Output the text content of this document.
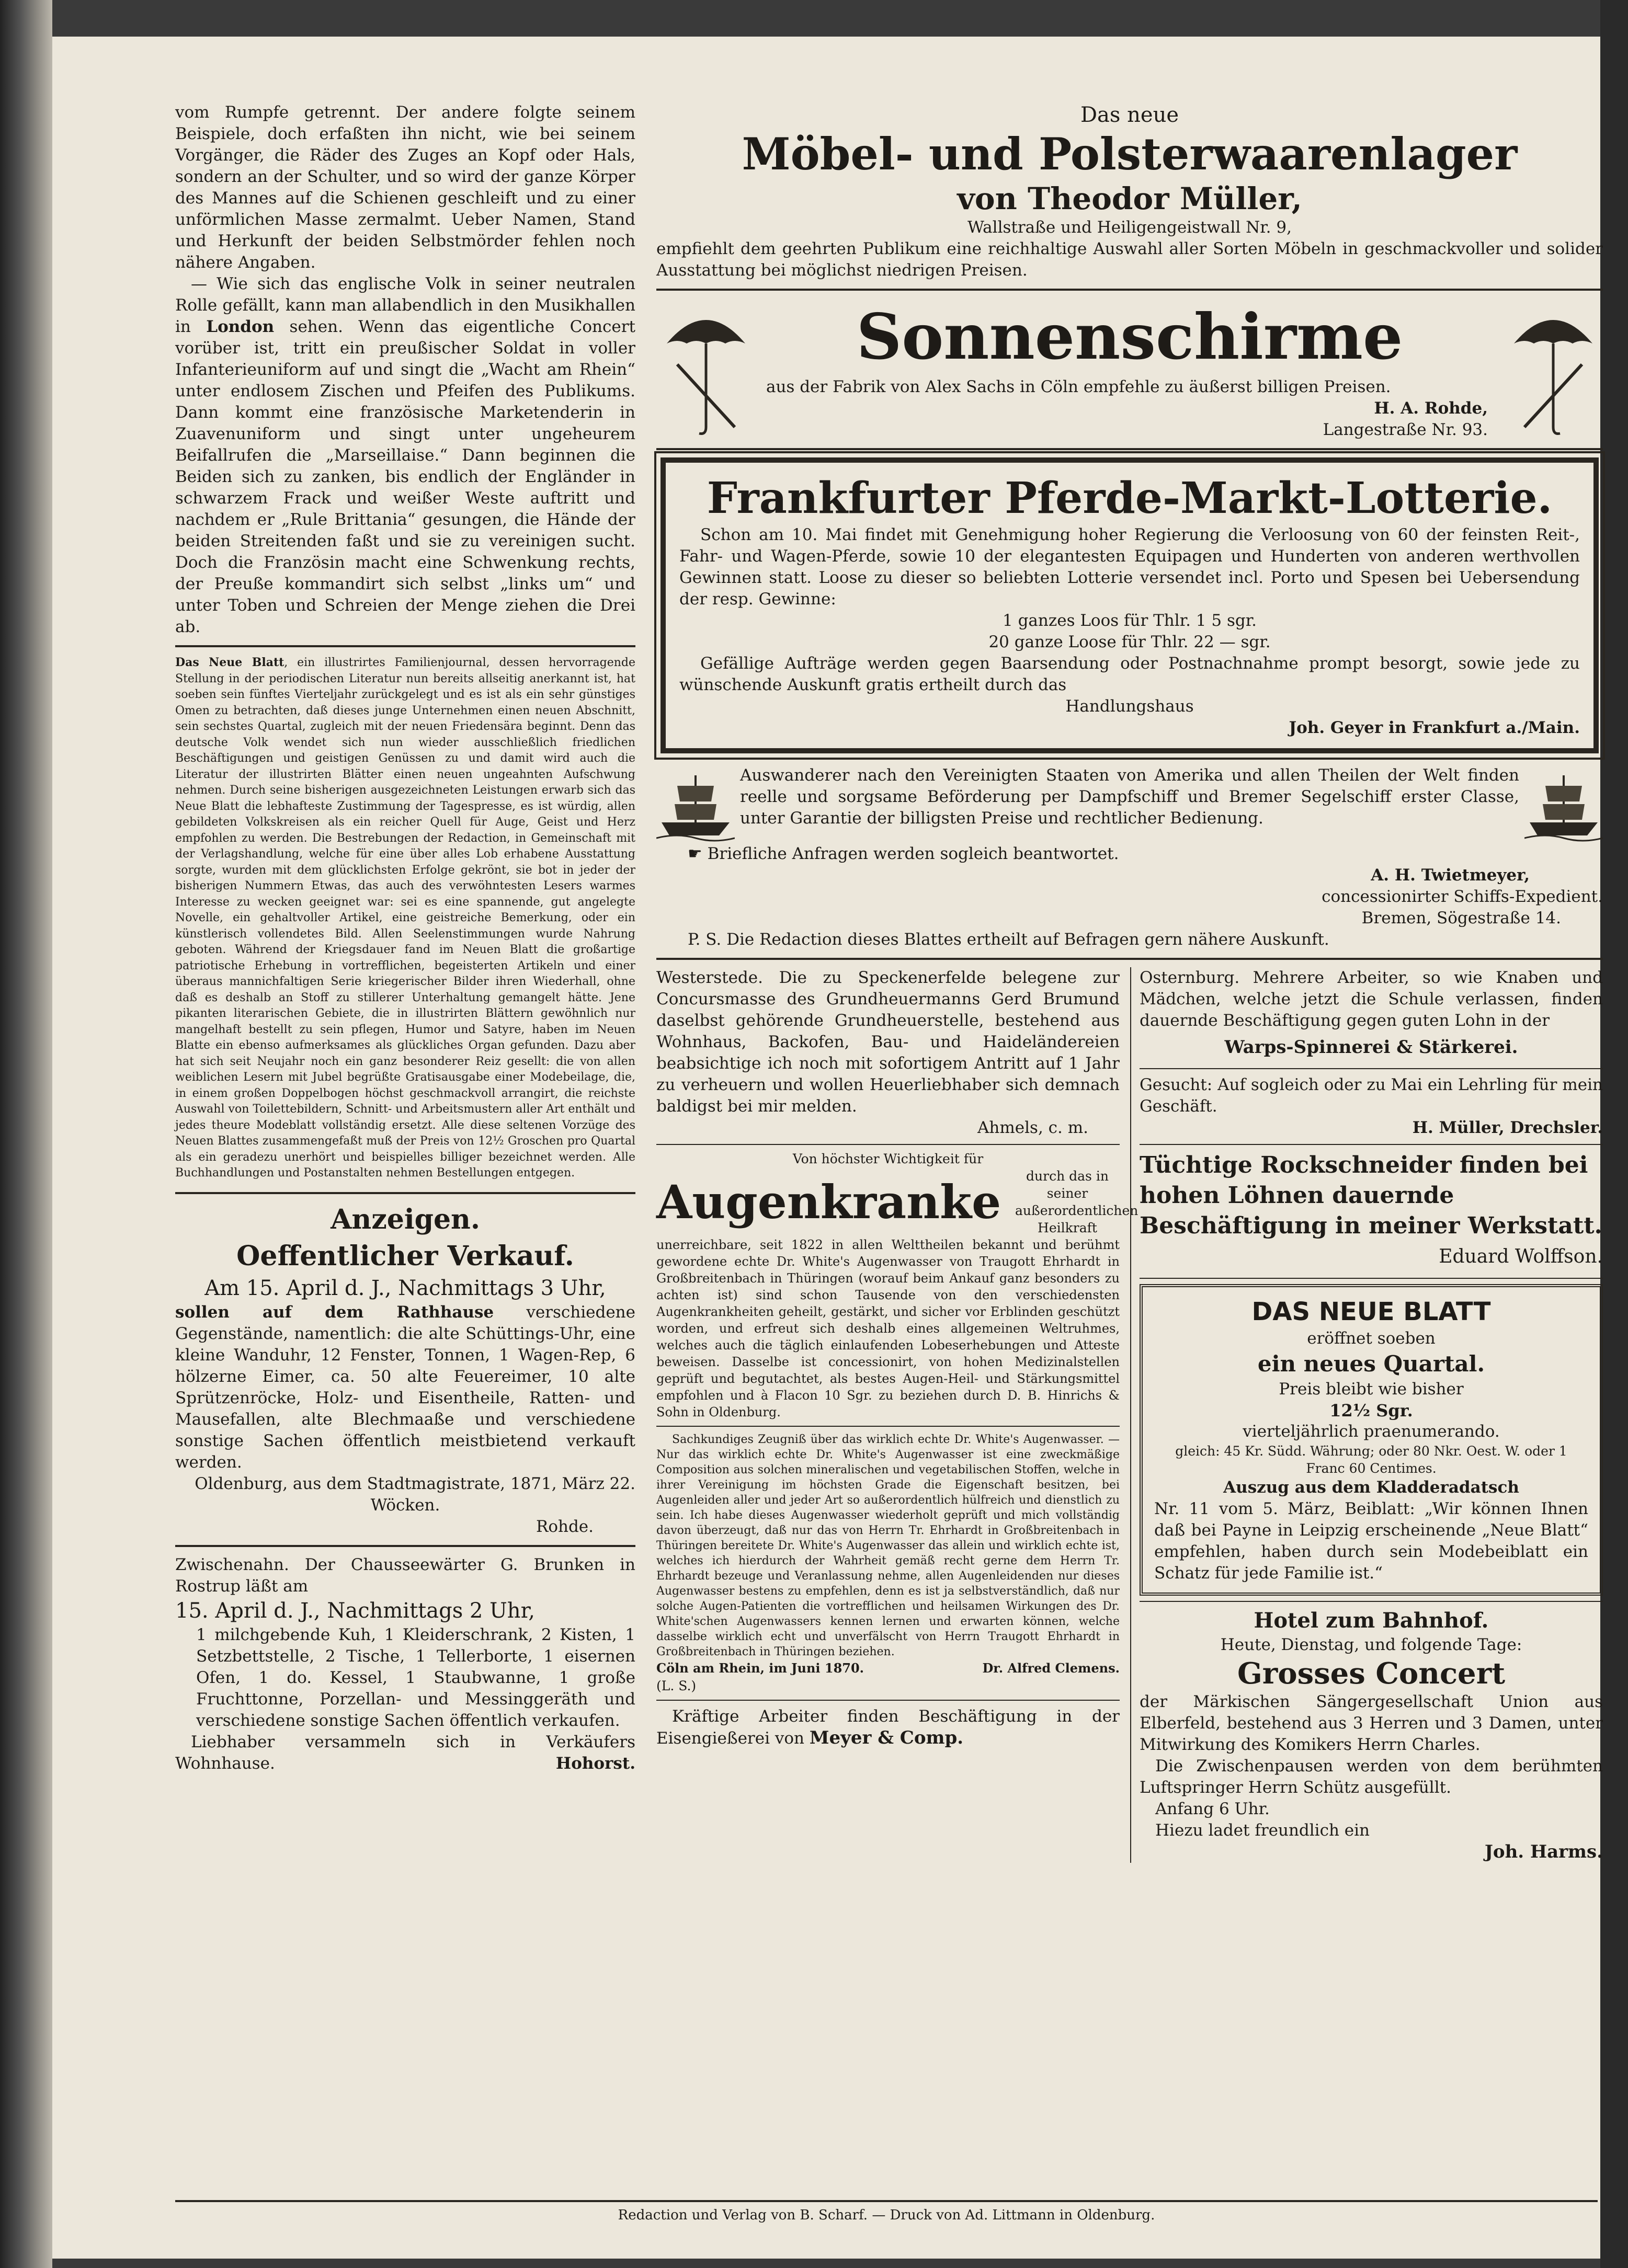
vom Rumpfe getrennt. Der andere folgte seinem Beispiele, doch erfaßten ihn nicht, wie bei seinem Vorgänger, die Räder des Zuges an Kopf oder Hals, sondern an der Schulter, und so wird der ganze Körper des Mannes auf die Schienen geschleift und zu einer unförmlichen Masse zermalmt. Ueber Namen, Stand und Herkunft der beiden Selbstmörder fehlen noch nähere Angaben.

— Wie sich das englische Volk in seiner neutralen Rolle gefällt, kann man allabendlich in den Musikhallen in London sehen. Wenn das eigentliche Concert vorüber ist, tritt ein preußischer Soldat in voller Infanterieuniform auf und singt die „Wacht am Rhein“ unter endlosem Zischen und Pfeifen des Publikums. Dann kommt eine französische Marketenderin in Zuavenuniform und singt unter ungeheurem Beifallrufen die „Marseillaise.“ Dann beginnen die Beiden sich zu zanken, bis endlich der Engländer in schwarzem Frack und weißer Weste auftritt und nachdem er „Rule Brittania“ gesungen, die Hände der beiden Streitenden faßt und sie zu vereinigen sucht. Doch die Französin macht eine Schwenkung rechts, der Preuße kommandirt sich selbst „links um“ und unter Toben und Schreien der Menge ziehen die Drei ab.

Das Neue Blatt, ein illustrirtes Familienjournal, dessen hervorragende Stellung in der periodischen Literatur nun bereits allseitig anerkannt ist, hat soeben sein fünftes Vierteljahr zurückgelegt und es ist als ein sehr günstiges Omen zu betrachten, daß dieses junge Unternehmen einen neuen Abschnitt, sein sechstes Quartal, zugleich mit der neuen Friedensära beginnt. Denn das deutsche Volk wendet sich nun wieder ausschließlich friedlichen Beschäftigungen und geistigen Genüssen zu und damit wird auch die Literatur der illustrirten Blätter einen neuen ungeahnten Aufschwung nehmen. Durch seine bisherigen ausgezeichneten Leistungen erwarb sich das Neue Blatt die lebhafteste Zustimmung der Tagespresse, es ist würdig, allen gebildeten Volkskreisen als ein reicher Quell für Auge, Geist und Herz empfohlen zu werden. Die Bestrebungen der Redaction, in Gemeinschaft mit der Verlagshandlung, welche für eine über alles Lob erhabene Ausstattung sorgte, wurden mit dem glücklichsten Erfolge gekrönt, sie bot in jeder der bisherigen Nummern Etwas, das auch des verwöhntesten Lesers warmes Interesse zu wecken geeignet war: sei es eine spannende, gut angelegte Novelle, ein gehaltvoller Artikel, eine geistreiche Bemerkung, oder ein künstlerisch vollendetes Bild. Allen Seelenstimmungen wurde Nahrung geboten. Während der Kriegsdauer fand im Neuen Blatt die großartige patriotische Erhebung in vortrefflichen, begeisterten Artikeln und einer überaus mannichfaltigen Serie kriegerischer Bilder ihren Wiederhall, ohne daß es deshalb an Stoff zu stillerer Unterhaltung gemangelt hätte. Jene pikanten literarischen Gebiete, die in illustrirten Blättern gewöhnlich nur mangelhaft bestellt zu sein pflegen, Humor und Satyre, haben im Neuen Blatte ein ebenso aufmerksames als glückliches Organ gefunden. Dazu aber hat sich seit Neujahr noch ein ganz besonderer Reiz gesellt: die von allen weiblichen Lesern mit Jubel begrüßte Gratisausgabe einer Modebeilage, die, in einem großen Doppelbogen höchst geschmackvoll arrangirt, die reichste Auswahl von Toilettebildern, Schnitt- und Arbeitsmustern aller Art enthält und jedes theure Modeblatt vollständig ersetzt. Alle diese seltenen Vorzüge des Neuen Blattes zusammengefaßt muß der Preis von 12½ Groschen pro Quartal als ein geradezu unerhört und beispielles billiger bezeichnet werden. Alle Buchhandlungen und Postanstalten nehmen Bestellungen entgegen.

Anzeigen.
Oeffentlicher Verkauf.
Am 15. April d. J., Nachmittags 3 Uhr,

sollen auf dem Rathhause verschiedene Gegenstände, namentlich: die alte Schüttings-Uhr, eine kleine Wanduhr, 12 Fenster, Tonnen, 1 Wagen-Rep, 6 hölzerne Eimer, ca. 50 alte Feuereimer, 10 alte Sprützenröcke, Holz- und Eisentheile, Ratten- und Mausefallen, alte Blechmaaße und verschiedene sonstige Sachen öffentlich meistbietend verkauft werden.

Oldenburg, aus dem Stadtmagistrate, 1871, März 22.
Wöcken.
Rohde.

Zwischenahn. Der Chausseewärter G. Brunken in Rostrup läßt am

15. April d. J., Nachmittags 2 Uhr,

1 milchgebende Kuh, 1 Kleiderschrank, 2 Kisten, 1 Setzbettstelle, 2 Tische, 1 Tellerborte, 1 eisernen Ofen, 1 do. Kessel, 1 Staubwanne, 1 große Fruchttonne, Porzellan- und Messinggeräth und verschiedene sonstige Sachen öffentlich verkaufen.

Liebhaber versammeln sich in Verkäufers Wohnhause.	Hohorst.
Das neue
Möbel- und Polsterwaarenlager
von Theodor Müller,
Wallstraße und Heiligengeistwall Nr. 9,

empfiehlt dem geehrten Publikum eine reichhaltige Auswahl aller Sorten Möbeln in geschmackvoller und solider Ausstattung bei möglichst niedrigen Preisen.

Sonnenschirme

aus der Fabrik von Alex Sachs in Cöln empfehle zu äußerst billigen Preisen.

H. A. Rohde,
Langestraße Nr. 93.
Frankfurter Pferde-Markt-Lotterie.

Schon am 10. Mai findet mit Genehmigung hoher Regierung die Verloosung von 60 der feinsten Reit-, Fahr- und Wagen-Pferde, sowie 10 der elegantesten Equipagen und Hunderten von anderen werthvollen Gewinnen statt. Loose zu dieser so beliebten Lotterie versendet incl. Porto und Spesen bei Uebersendung der resp. Gewinne:

1 ganzes Loos für Thlr. 1 5 sgr.
20 ganze Loose für Thlr. 22 — sgr.

Gefällige Aufträge werden gegen Baarsendung oder Postnachnahme prompt besorgt, sowie jede zu wünschende Auskunft gratis ertheilt durch das

Handlungshaus
Joh. Geyer in Frankfurt a./Main.

Auswanderer nach den Vereinigten Staaten von Amerika und allen Theilen der Welt finden reelle und sorgsame Beförderung per Dampfschiff und Bremer Segelschiff erster Classe, unter Garantie der billigsten Preise und rechtlicher Bedienung.

☛ Briefliche Anfragen werden sogleich beantwortet.
A. H. Twietmeyer,
concessionirter Schiffs-Expedient.
Bremen, Sögestraße 14.
P. S. Die Redaction dieses Blattes ertheilt auf Befragen gern nähere Auskunft.

Westerstede. Die zu Speckenerfelde belegene zur Concursmasse des Grundheuermanns Gerd Brumund daselbst gehörende Grundheuerstelle, bestehend aus Wohnhaus, Backofen, Bau- und Haideländereien beabsichtige ich noch mit sofortigem Antritt auf 1 Jahr zu verheuern und wollen Heuerliebhaber sich demnach baldigst bei mir melden.

Ahmels, c. m.
Von höchster Wichtigkeit für
Augenkranke	durch das in seiner außerordentlichen Heilkraft

unerreichbare, seit 1822 in allen Welttheilen bekannt und berühmt gewordene echte Dr. White's Augenwasser von Traugott Ehrhardt in Großbreitenbach in Thüringen (worauf beim Ankauf ganz besonders zu achten ist) sind schon Tausende von den verschiedensten Augenkrankheiten geheilt, gestärkt, und sicher vor Erblinden geschützt worden, und erfreut sich deshalb eines allgemeinen Weltruhmes, welches auch die täglich einlaufenden Lobeserhebungen und Atteste beweisen. Dasselbe ist concessionirt, von hohen Medizinalstellen geprüft und begutachtet, als bestes Augen-Heil- und Stärkungsmittel empfohlen und à Flacon 10 Sgr. zu beziehen durch D. B. Hinrichs & Sohn in Oldenburg.

Sachkundiges Zeugniß über das wirklich echte Dr. White's Augenwasser. — Nur das wirklich echte Dr. White's Augenwasser ist eine zweckmäßige Composition aus solchen mineralischen und vegetabilischen Stoffen, welche in ihrer Vereinigung im höchsten Grade die Eigenschaft besitzen, bei Augenleiden aller und jeder Art so außerordentlich hülfreich und dienstlich zu sein. Ich habe dieses Augenwasser wiederholt geprüft und mich vollständig davon überzeugt, daß nur das von Herrn Tr. Ehrhardt in Großbreitenbach in Thüringen bereitete Dr. White's Augenwasser das allein und wirklich echte ist, welches ich hierdurch der Wahrheit gemäß recht gerne dem Herrn Tr. Ehrhardt bezeuge und Veranlassung nehme, allen Augenleidenden nur dieses Augenwasser bestens zu empfehlen, denn es ist ja selbstverständlich, daß nur solche Augen-Patienten die vortrefflichen und heilsamen Wirkungen des Dr. White'schen Augenwassers kennen lernen und erwarten können, welche dasselbe wirklich echt und unverfälscht von Herrn Traugott Ehrhardt in Großbreitenbach in Thüringen beziehen.

Cöln am Rhein, im Juni 1870.	Dr. Alfred Clemens.
(L. S.)

Kräftige Arbeiter finden Beschäftigung in der Eisengießerei von Meyer & Comp.

Osternburg. Mehrere Arbeiter, so wie Knaben und Mädchen, welche jetzt die Schule verlassen, finden dauernde Beschäftigung gegen guten Lohn in der

Warps-Spinnerei & Stärkerei.

Gesucht: Auf sogleich oder zu Mai ein Lehrling für mein Geschäft.

H. Müller, Drechsler.

Tüchtige Rockschneider finden bei hohen Löhnen dauernde Beschäftigung in meiner Werkstatt.

Eduard Wolffson.
DAS NEUE BLATT
eröffnet soeben
ein neues Quartal.
Preis bleibt wie bisher
12½ Sgr.
vierteljährlich praenumerando.
gleich: 45 Kr. Südd. Währung; oder 80 Nkr. Oest. W. oder 1 Franc 60 Centimes.
Auszug aus dem Kladderadatsch

Nr. 11 vom 5. März, Beiblatt: „Wir können Ihnen daß bei Payne in Leipzig erscheinende „Neue Blatt“ empfehlen, haben durch sein Modebeiblatt ein Schatz für jede Familie ist.“

Hotel zum Bahnhof.
Heute, Dienstag, und folgende Tage:
Grosses Concert

der Märkischen Sängergesellschaft Union aus Elberfeld, bestehend aus 3 Herren und 3 Damen, unter Mitwirkung des Komikers Herrn Charles.

Die Zwischenpausen werden von dem berühmten Luftspringer Herrn Schütz ausgefüllt.

Anfang 6 Uhr.
Hiezu ladet freundlich ein
Joh. Harms.
Redaction und Verlag von B. Scharf. — Druck von Ad. Littmann in Oldenburg.
